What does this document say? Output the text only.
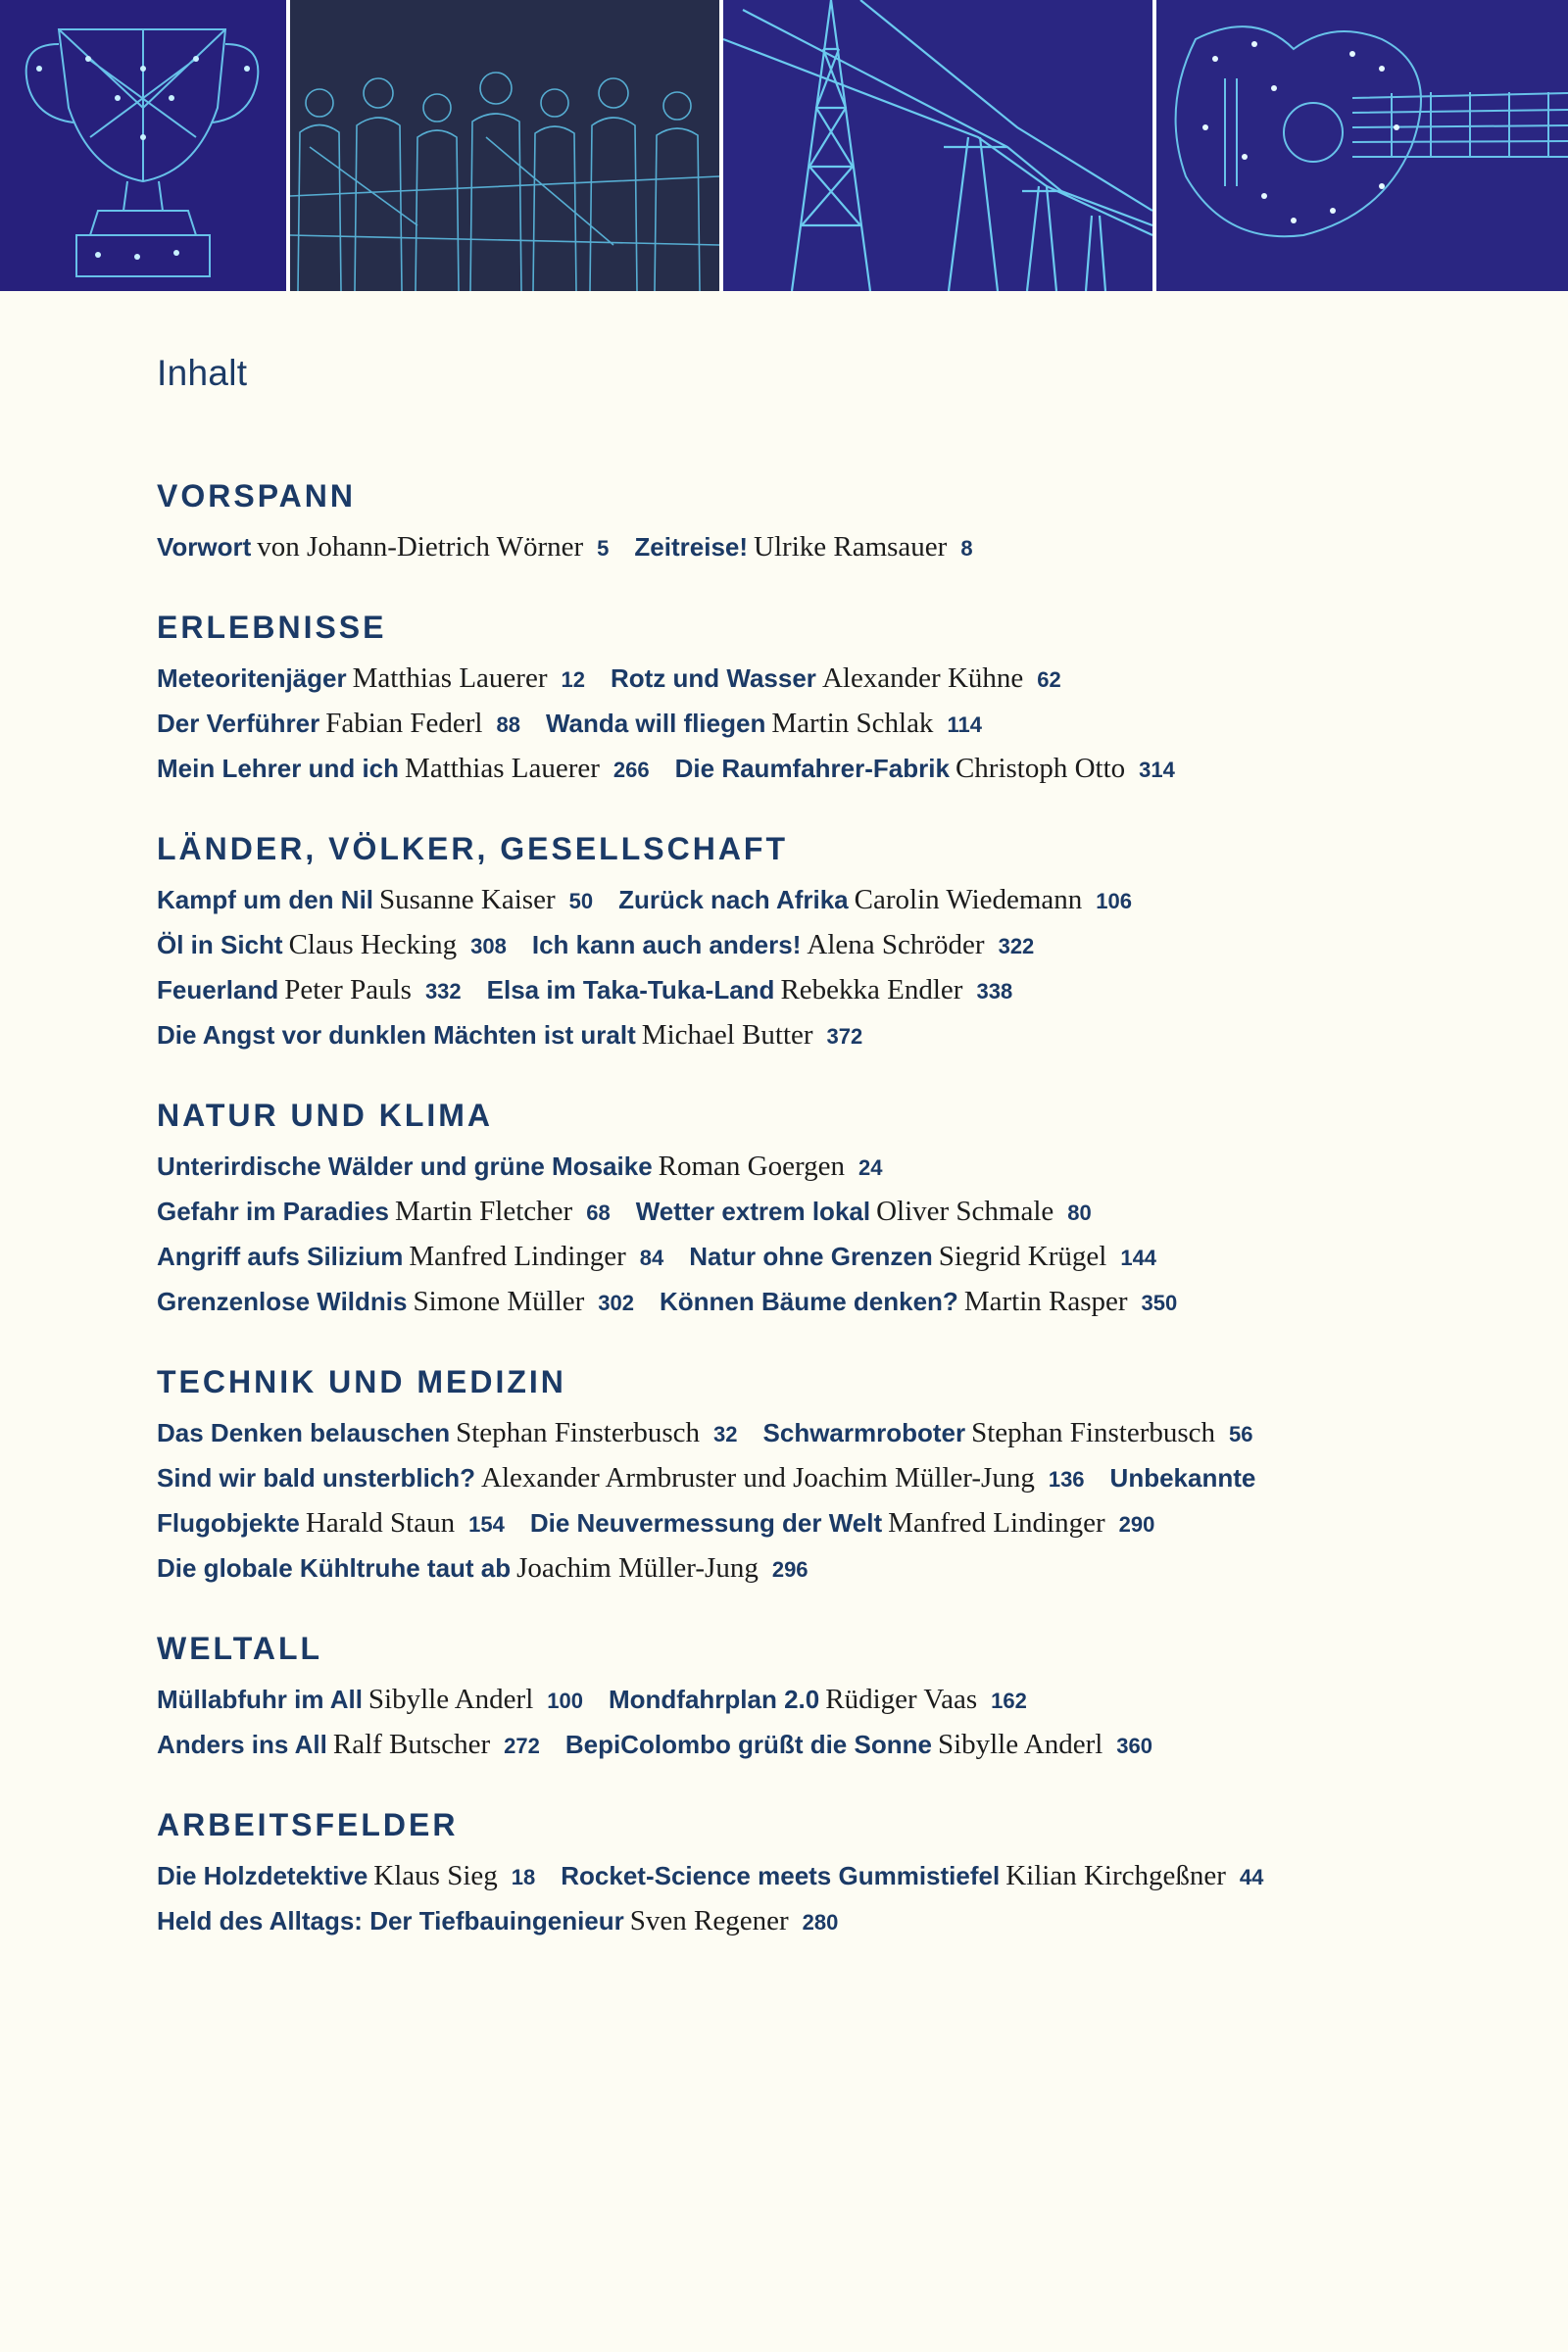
Inhalt
VORSPANN
Vorwort von Johann-Dietrich Wörner 5 Zeitreise! Ulrike Ramsauer 8
ERLEBNISSE
Meteoritenjäger Matthias Lauerer 12 Rotz und Wasser Alexander Kühne 62
Der Verführer Fabian Federl 88 Wanda will fliegen Martin Schlak 114
Mein Lehrer und ich Matthias Lauerer 266 Die Raumfahrer-Fabrik Christoph Otto 314
LÄNDER, VÖLKER, GESELLSCHAFT
Kampf um den Nil Susanne Kaiser 50 Zurück nach Afrika Carolin Wiedemann 106
Öl in Sicht Claus Hecking 308 Ich kann auch anders! Alena Schröder 322
Feuerland Peter Pauls 332 Elsa im Taka-Tuka-Land Rebekka Endler 338
Die Angst vor dunklen Mächten ist uralt Michael Butter 372
NATUR UND KLIMA
Unterirdische Wälder und grüne Mosaike Roman Goergen 24
Gefahr im Paradies Martin Fletcher 68 Wetter extrem lokal Oliver Schmale 80
Angriff aufs Silizium Manfred Lindinger 84 Natur ohne Grenzen Siegrid Krügel 144
Grenzenlose Wildnis Simone Müller 302 Können Bäume denken? Martin Rasper 350
TECHNIK UND MEDIZIN
Das Denken belauschen Stephan Finsterbusch 32 Schwarmroboter Stephan Finsterbusch 56
Sind wir bald unsterblich? Alexander Armbruster und Joachim Müller-Jung 136 Unbekannte
Flugobjekte Harald Staun 154 Die Neuvermessung der Welt Manfred Lindinger 290
Die globale Kühltruhe taut ab Joachim Müller-Jung 296
WELTALL
Müllabfuhr im All Sibylle Anderl 100 Mondfahrplan 2.0 Rüdiger Vaas 162
Anders ins All Ralf Butscher 272 BepiColombo grüßt die Sonne Sibylle Anderl 360
ARBEITSFELDER
Die Holzdetektive Klaus Sieg 18 Rocket-Science meets Gummistiefel Kilian Kirchgeßner 44
Held des Alltags: Der Tiefbauingenieur Sven Regener 280
